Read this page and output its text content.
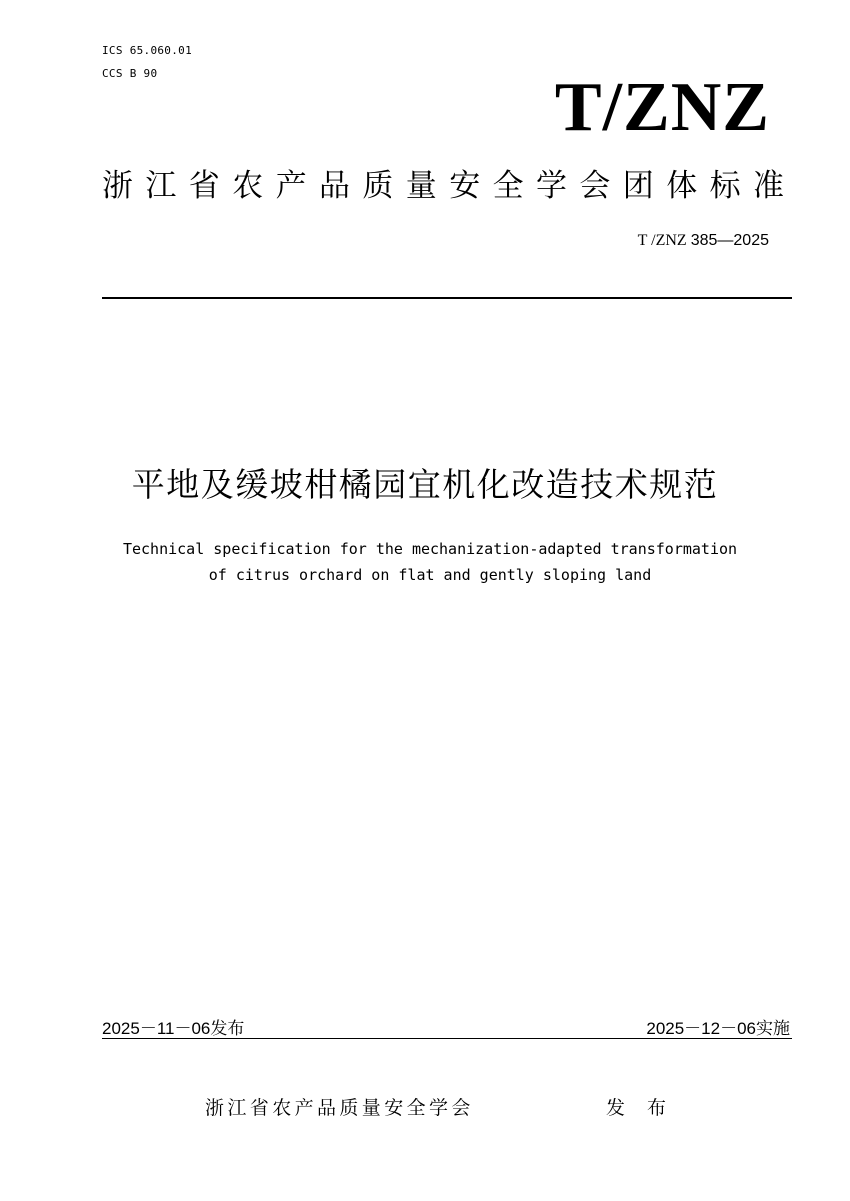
ICS 65.060.01
CCS B 90	T/ZNZ
浙江省农产品质量安全学会团体标准
T /ZNZ 385—2025
平地及缓坡柑橘园宜机化改造技术规范
Technical specification for the mechanization-adapted transformation
of citrus orchard on flat and gently sloping land
2025－11－06发布	2025－12－06实施
浙江省农产品质量安全学会	发 布
